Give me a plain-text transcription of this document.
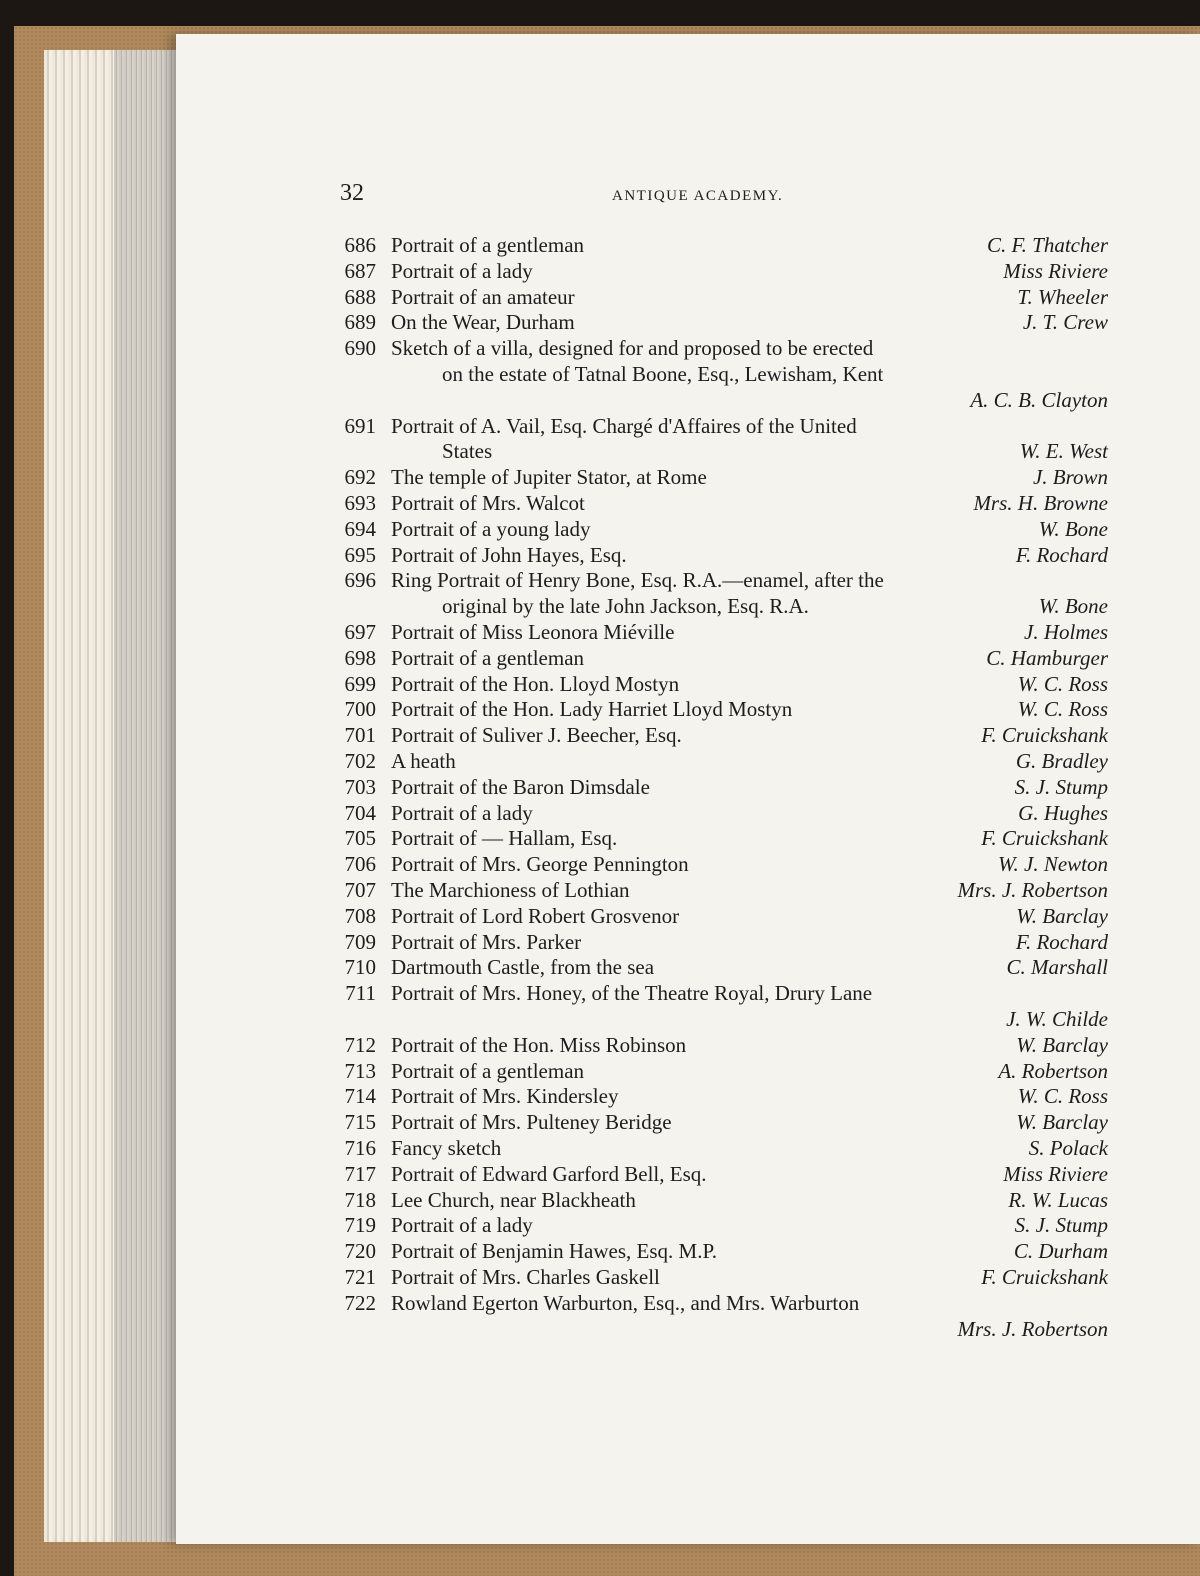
32	ANTIQUE ACADEMY.
686 Portrait of a gentleman	C. F. Thatcher
687 Portrait of a lady	Miss Riviere
688 Portrait of an amateur	T. Wheeler
689 On the Wear, Durham	J. T. Crew
690 Sketch of a villa, designed for and proposed to be erected
on the estate of Tatnal Boone, Esq., Lewisham, Kent
A. C. B. Clayton
691 Portrait of A. Vail, Esq. Chargé d'Affaires of the United
States	W. E. West
692 The temple of Jupiter Stator, at Rome	J. Brown
693 Portrait of Mrs. Walcot	Mrs. H. Browne
694 Portrait of a young lady	W. Bone
695 Portrait of John Hayes, Esq.	F. Rochard
696 Ring Portrait of Henry Bone, Esq. R.A.—enamel, after the
original by the late John Jackson, Esq. R.A.	W. Bone
697 Portrait of Miss Leonora Miéville	J. Holmes
698 Portrait of a gentleman	C. Hamburger
699 Portrait of the Hon. Lloyd Mostyn	W. C. Ross
700 Portrait of the Hon. Lady Harriet Lloyd Mostyn	W. C. Ross
701 Portrait of Suliver J. Beecher, Esq.	F. Cruickshank
702 A heath	G. Bradley
703 Portrait of the Baron Dimsdale	S. J. Stump
704 Portrait of a lady	G. Hughes
705 Portrait of — Hallam, Esq.	F. Cruickshank
706 Portrait of Mrs. George Pennington	W. J. Newton
707 The Marchioness of Lothian	Mrs. J. Robertson
708 Portrait of Lord Robert Grosvenor	W. Barclay
709 Portrait of Mrs. Parker	F. Rochard
710 Dartmouth Castle, from the sea	C. Marshall
711 Portrait of Mrs. Honey, of the Theatre Royal, Drury Lane
J. W. Childe
712 Portrait of the Hon. Miss Robinson	W. Barclay
713 Portrait of a gentleman	A. Robertson
714 Portrait of Mrs. Kindersley	W. C. Ross
715 Portrait of Mrs. Pulteney Beridge	W. Barclay
716 Fancy sketch	S. Polack
717 Portrait of Edward Garford Bell, Esq.	Miss Riviere
718 Lee Church, near Blackheath	R. W. Lucas
719 Portrait of a lady	S. J. Stump
720 Portrait of Benjamin Hawes, Esq. M.P.	C. Durham
721 Portrait of Mrs. Charles Gaskell	F. Cruickshank
722 Rowland Egerton Warburton, Esq., and Mrs. Warburton
Mrs. J. Robertson
